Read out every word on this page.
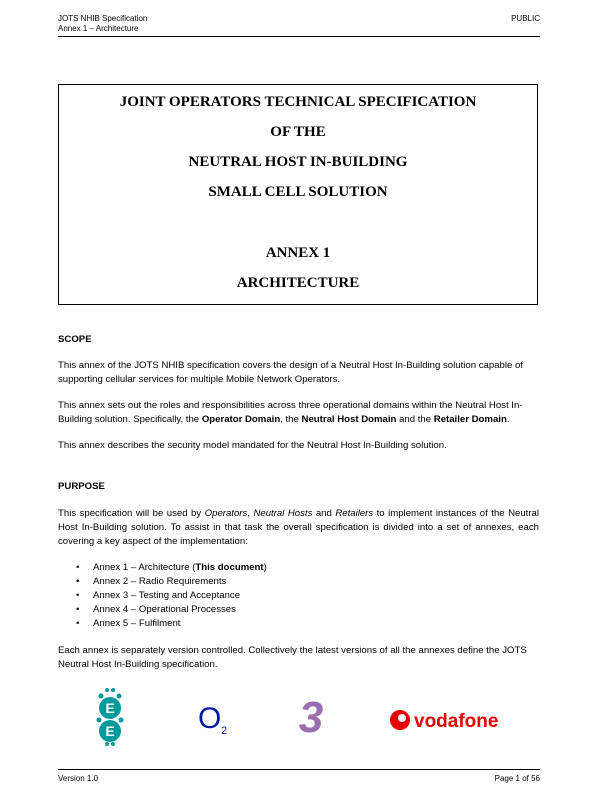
JOTS NHIB Specification
Annex 1 – Architecture
PUBLIC
JOINT OPERATORS TECHNICAL SPECIFICATION
OF THE
NEUTRAL HOST IN-BUILDING
SMALL CELL SOLUTION
ANNEX 1
ARCHITECTURE
SCOPE
This annex of the JOTS NHIB specification covers the design of a Neutral Host In-Building solution capable of supporting cellular services for multiple Mobile Network Operators.
This annex sets out the roles and responsibilities across three operational domains within the Neutral Host In-Building solution. Specifically, the Operator Domain, the Neutral Host Domain and the Retailer Domain.
This annex describes the security model mandated for the Neutral Host In-Building solution.
PURPOSE
This specification will be used by Operators, Neutral Hosts and Retailers to implement instances of the Neutral Host In-Building solution. To assist in that task the overall specification is divided into a set of annexes, each covering a key aspect of the implementation:
• Annex 1 – Architecture (This document)
• Annex 2 – Radio Requirements
• Annex 3 – Testing and Acceptance
• Annex 4 – Operational Processes
• Annex 5 – Fulfilment
Each annex is separately version controlled. Collectively the latest versions of all the annexes define the JOTS Neutral Host In-Building specification.
E
E	O 2 3	vodafone
Version 1.0	Page 1 of 56
